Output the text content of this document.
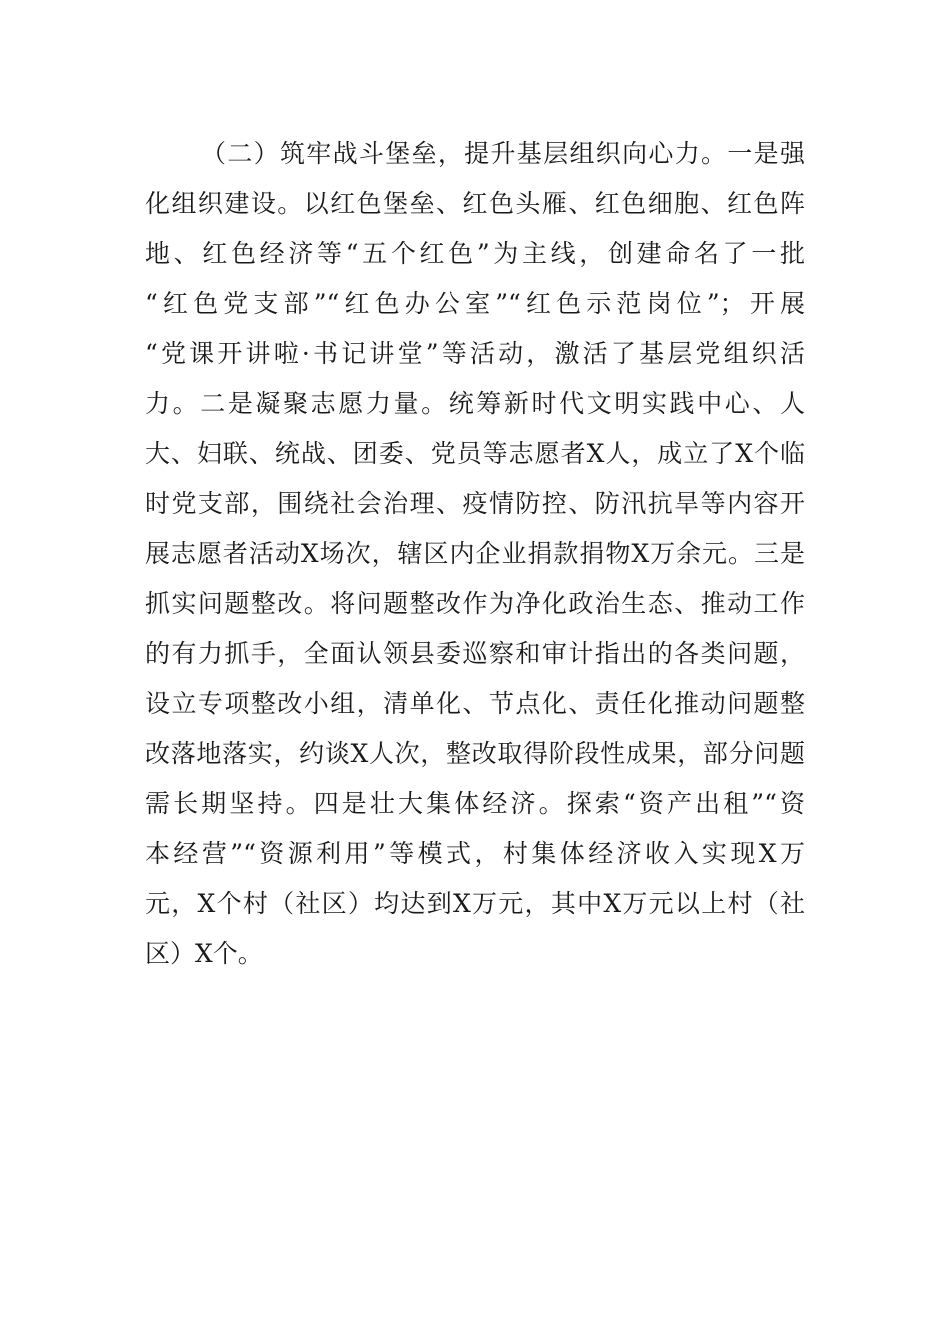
（二）筑牢战斗堡垒，提升基层组织向心力。一是强
化组织建设。以红色堡垒、红色头雁、红色细胞、红色阵
地、红色经济等“五个红色”为主线，创建命名了一批
“红色党支部”“红色办公室”“红色示范岗位”；开展
“党课开讲啦·书记讲堂”等活动，激活了基层党组织活
力。二是凝聚志愿力量。统筹新时代文明实践中心、人
大、妇联、统战、团委、党员等志愿者X人，成立了X个临
时党支部，围绕社会治理、疫情防控、防汛抗旱等内容开
展志愿者活动X场次，辖区内企业捐款捐物X万余元。三是
抓实问题整改。将问题整改作为净化政治生态、推动工作
的有力抓手，全面认领县委巡察和审计指出的各类问题，
设立专项整改小组，清单化、节点化、责任化推动问题整
改落地落实，约谈X人次，整改取得阶段性成果，部分问题
需长期坚持。四是壮大集体经济。探索“资产出租”“资
本经营”“资源利用”等模式，村集体经济收入实现X万
元，X个村（社区）均达到X万元，其中X万元以上村（社
区）X个。
